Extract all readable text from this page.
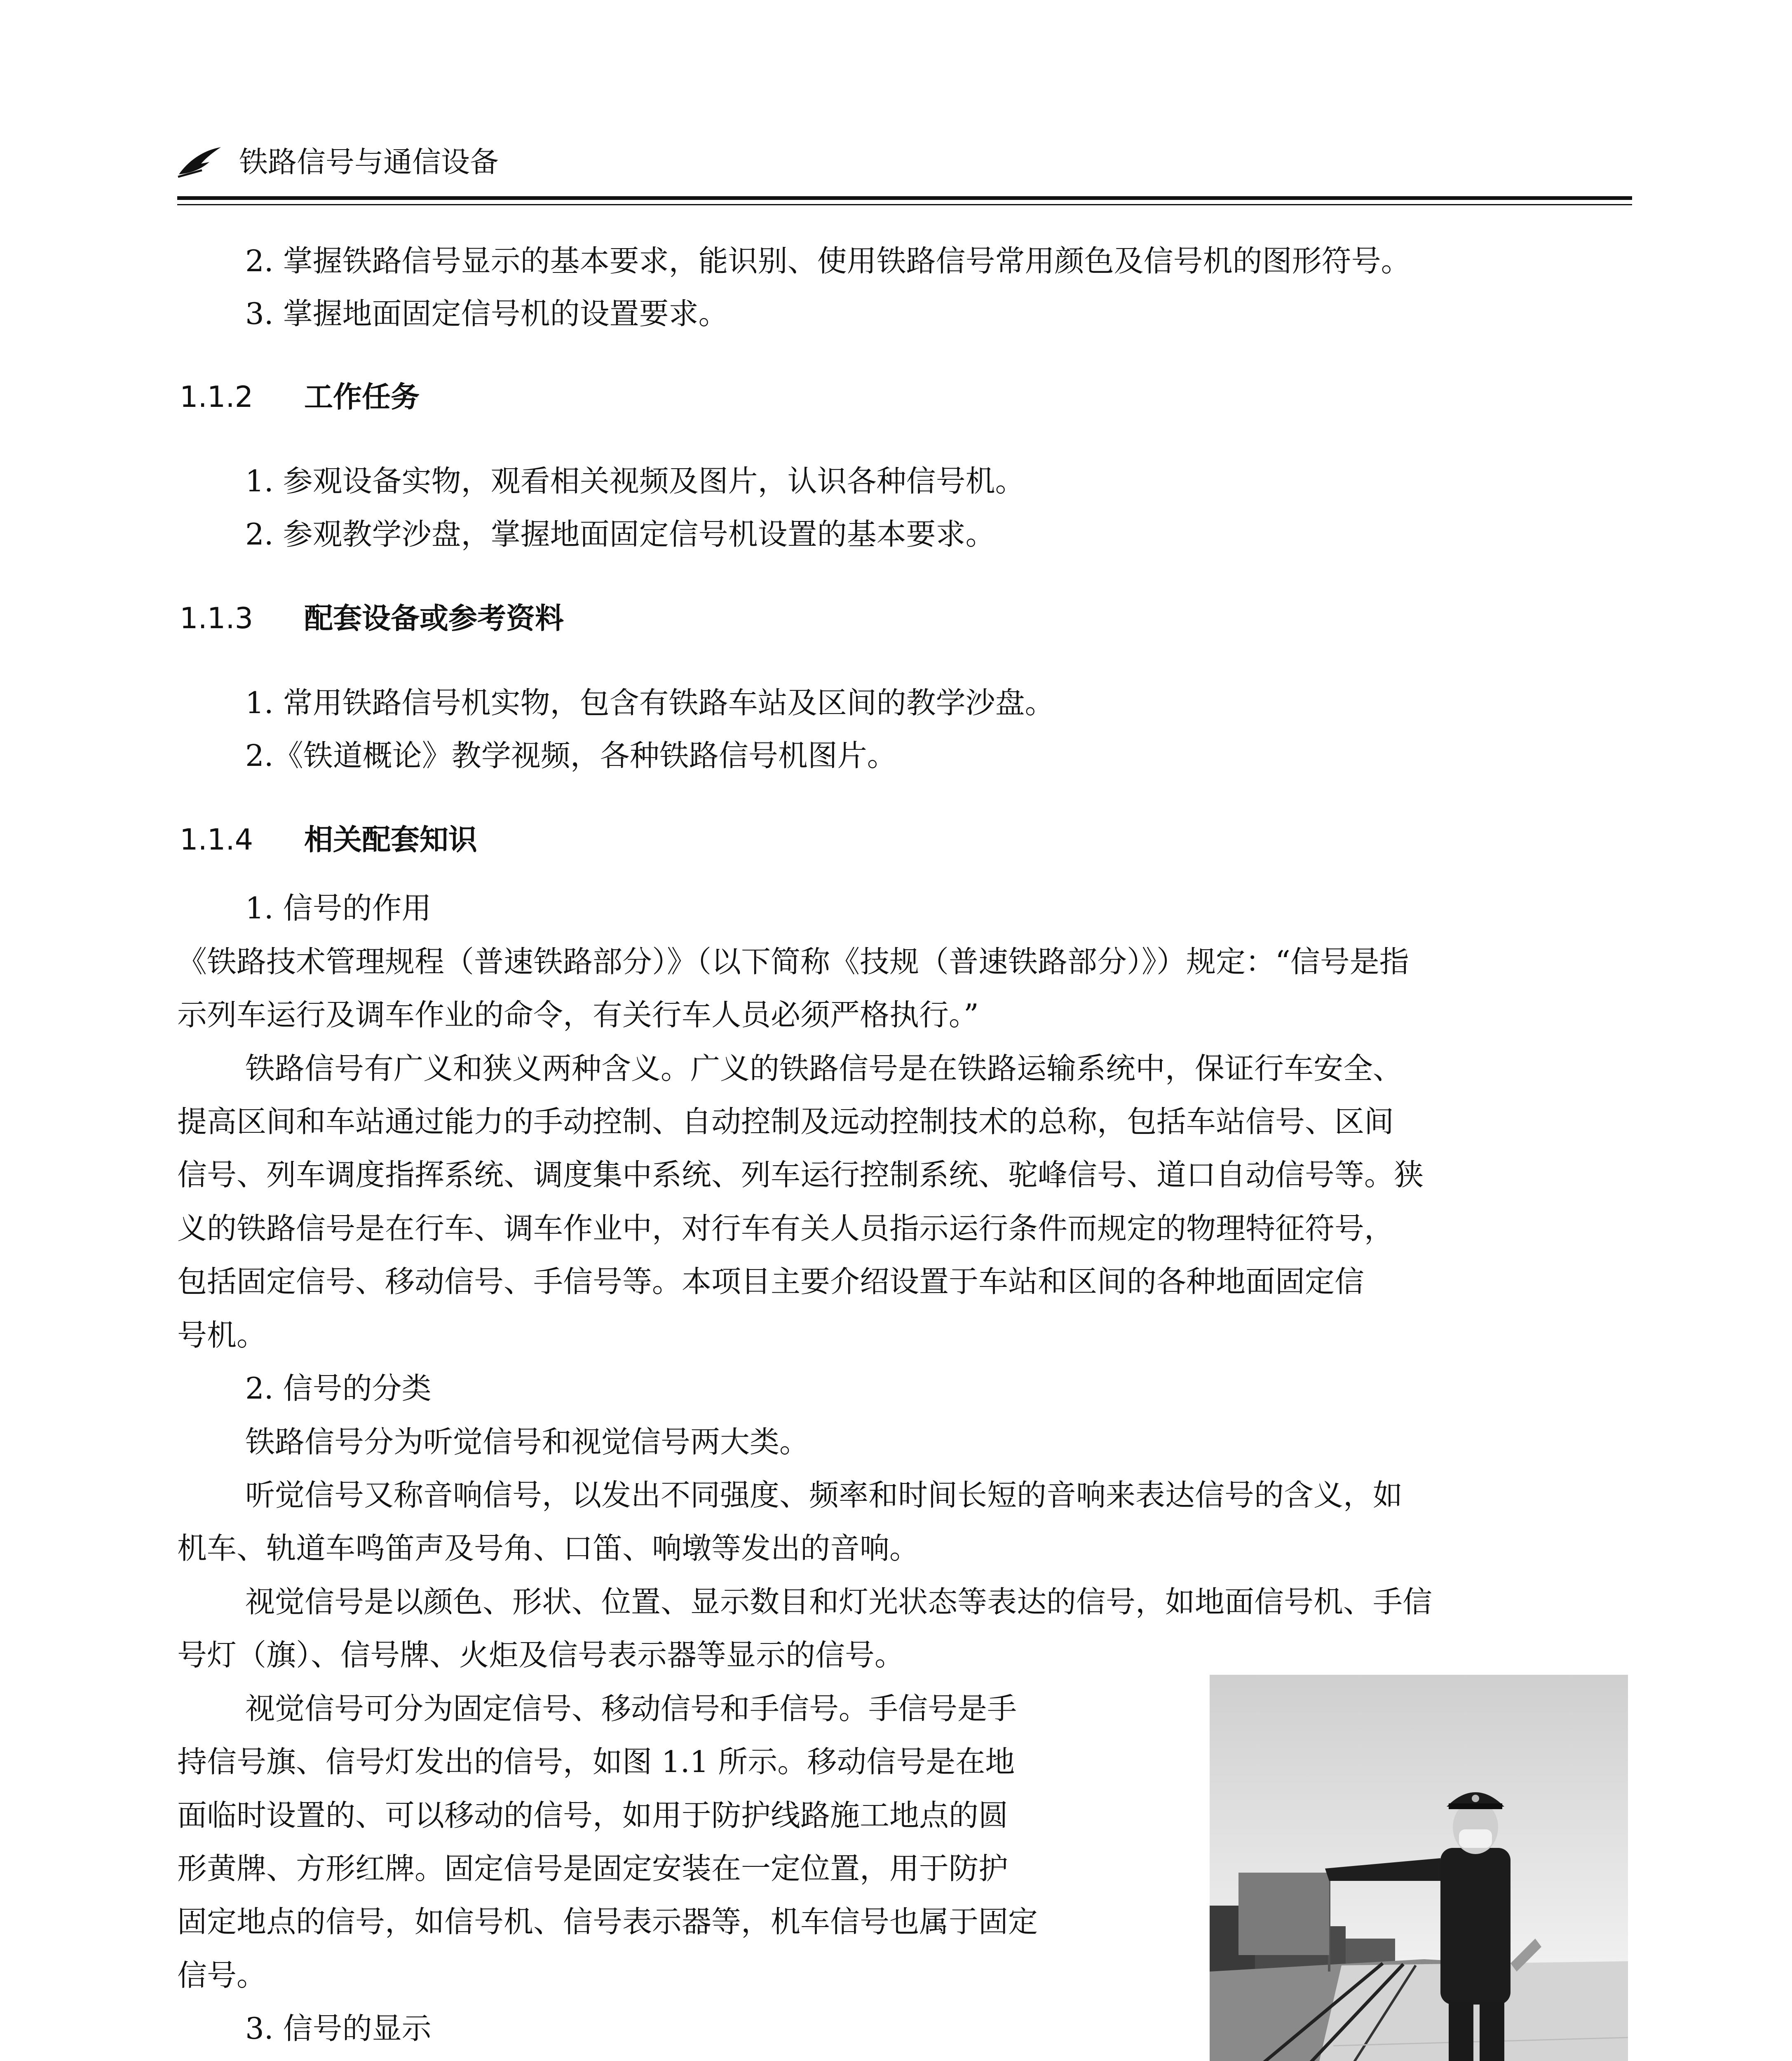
铁路信号与通信设备
2. 掌握铁路信号显示的基本要求，能识别、使用铁路信号常用颜色及信号机的图形符号。
3. 掌握地面固定信号机的设置要求。
1.1.2 工作任务
1. 参观设备实物，观看相关视频及图片，认识各种信号机。
2. 参观教学沙盘，掌握地面固定信号机设置的基本要求。
1.1.3 配套设备或参考资料
1. 常用铁路信号机实物，包含有铁路车站及区间的教学沙盘。
2.《铁道概论》教学视频，各种铁路信号机图片。
1.1.4 相关配套知识
1. 信号的作用
《铁路技术管理规程（普速铁路部分）》（以下简称《技规（普速铁路部分）》）规定：“信号是指
示列车运行及调车作业的命令，有关行车人员必须严格执行。”
铁路信号有广义和狭义两种含义。广义的铁路信号是在铁路运输系统中，保证行车安全、
提高区间和车站通过能力的手动控制、自动控制及远动控制技术的总称，包括车站信号、区间
信号、列车调度指挥系统、调度集中系统、列车运行控制系统、驼峰信号、道口自动信号等。狭
义的铁路信号是在行车、调车作业中，对行车有关人员指示运行条件而规定的物理特征符号，
包括固定信号、移动信号、手信号等。本项目主要介绍设置于车站和区间的各种地面固定信
号机。
2. 信号的分类
铁路信号分为听觉信号和视觉信号两大类。
听觉信号又称音响信号，以发出不同强度、频率和时间长短的音响来表达信号的含义，如
机车、轨道车鸣笛声及号角、口笛、响墩等发出的音响。
视觉信号是以颜色、形状、位置、显示数目和灯光状态等表达的信号，如地面信号机、手信
号灯（旗）、信号牌、火炬及信号表示器等显示的信号。
视觉信号可分为固定信号、移动信号和手信号。手信号是手
持信号旗、信号灯发出的信号，如图 1.1 所示。移动信号是在地
面临时设置的、可以移动的信号，如用于防护线路施工地点的圆
形黄牌、方形红牌。固定信号是固定安装在一定位置，用于防护
固定地点的信号，如信号机、信号表示器等，机车信号也属于固定
信号。
3. 信号的显示
